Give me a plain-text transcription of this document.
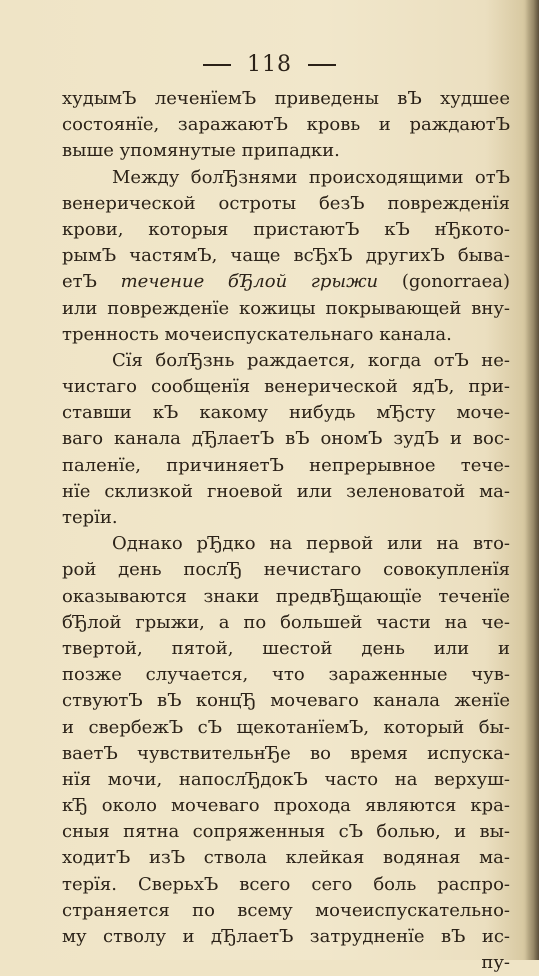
118
худымЪ леченїемЪ приведены вЪ худшее
состоянїе, заражаютЪ кровь и раждаютЪ
выше упомянутые припадки.
Между болЂзнями происходящими отЪ
венерической остроты безЪ поврежденїя
крови, которыя пристаютЪ кЪ нЂкото-
рымЪ частямЪ, чаще всЂхЪ другихЪ быва-
етЪ течение бЂлой грыжи (gonorraea)
или поврежденїе кожицы покрывающей вну-
тренность мочеиспускательнаго канала.
Сїя болЂзнь раждается, когда отЪ не-
чистаго сообщенїя венерической ядЪ, при-
ставши кЪ какому нибудь мЂсту моче-
ваго канала дЂлаетЪ вЪ ономЪ зудЪ и вос-
паленїе, причиняетЪ непрерывное тече-
нїе склизкой гноевой или зеленоватой ма-
терїи.
Однако рЂдко на первой или на вто-
рой день послЂ нечистаго совокупленїя
оказываются знаки предвЂщающїе теченїе
бЂлой грыжи, а по большей части на че-
твертой, пятой, шестой день или и
позже случается, что зараженные чув-
ствуютЪ вЪ концЂ мочеваго канала женїе
и свербежЪ сЪ щекотанїемЪ, который бы-
ваетЪ чувствительнЂе во время испуска-
нїя мочи, напослЂдокЪ часто на верхуш-
кЂ около мочеваго прохода являются кра-
сныя пятна сопряженныя сЪ болью, и вы-
ходитЪ изЪ ствола клейкая водяная ма-
терїя. СверьхЪ всего сего боль распро-
страняется по всему мочеиспускательно-
му стволу и дЂлаетЪ затрудненїе вЪ ис-
пу-
